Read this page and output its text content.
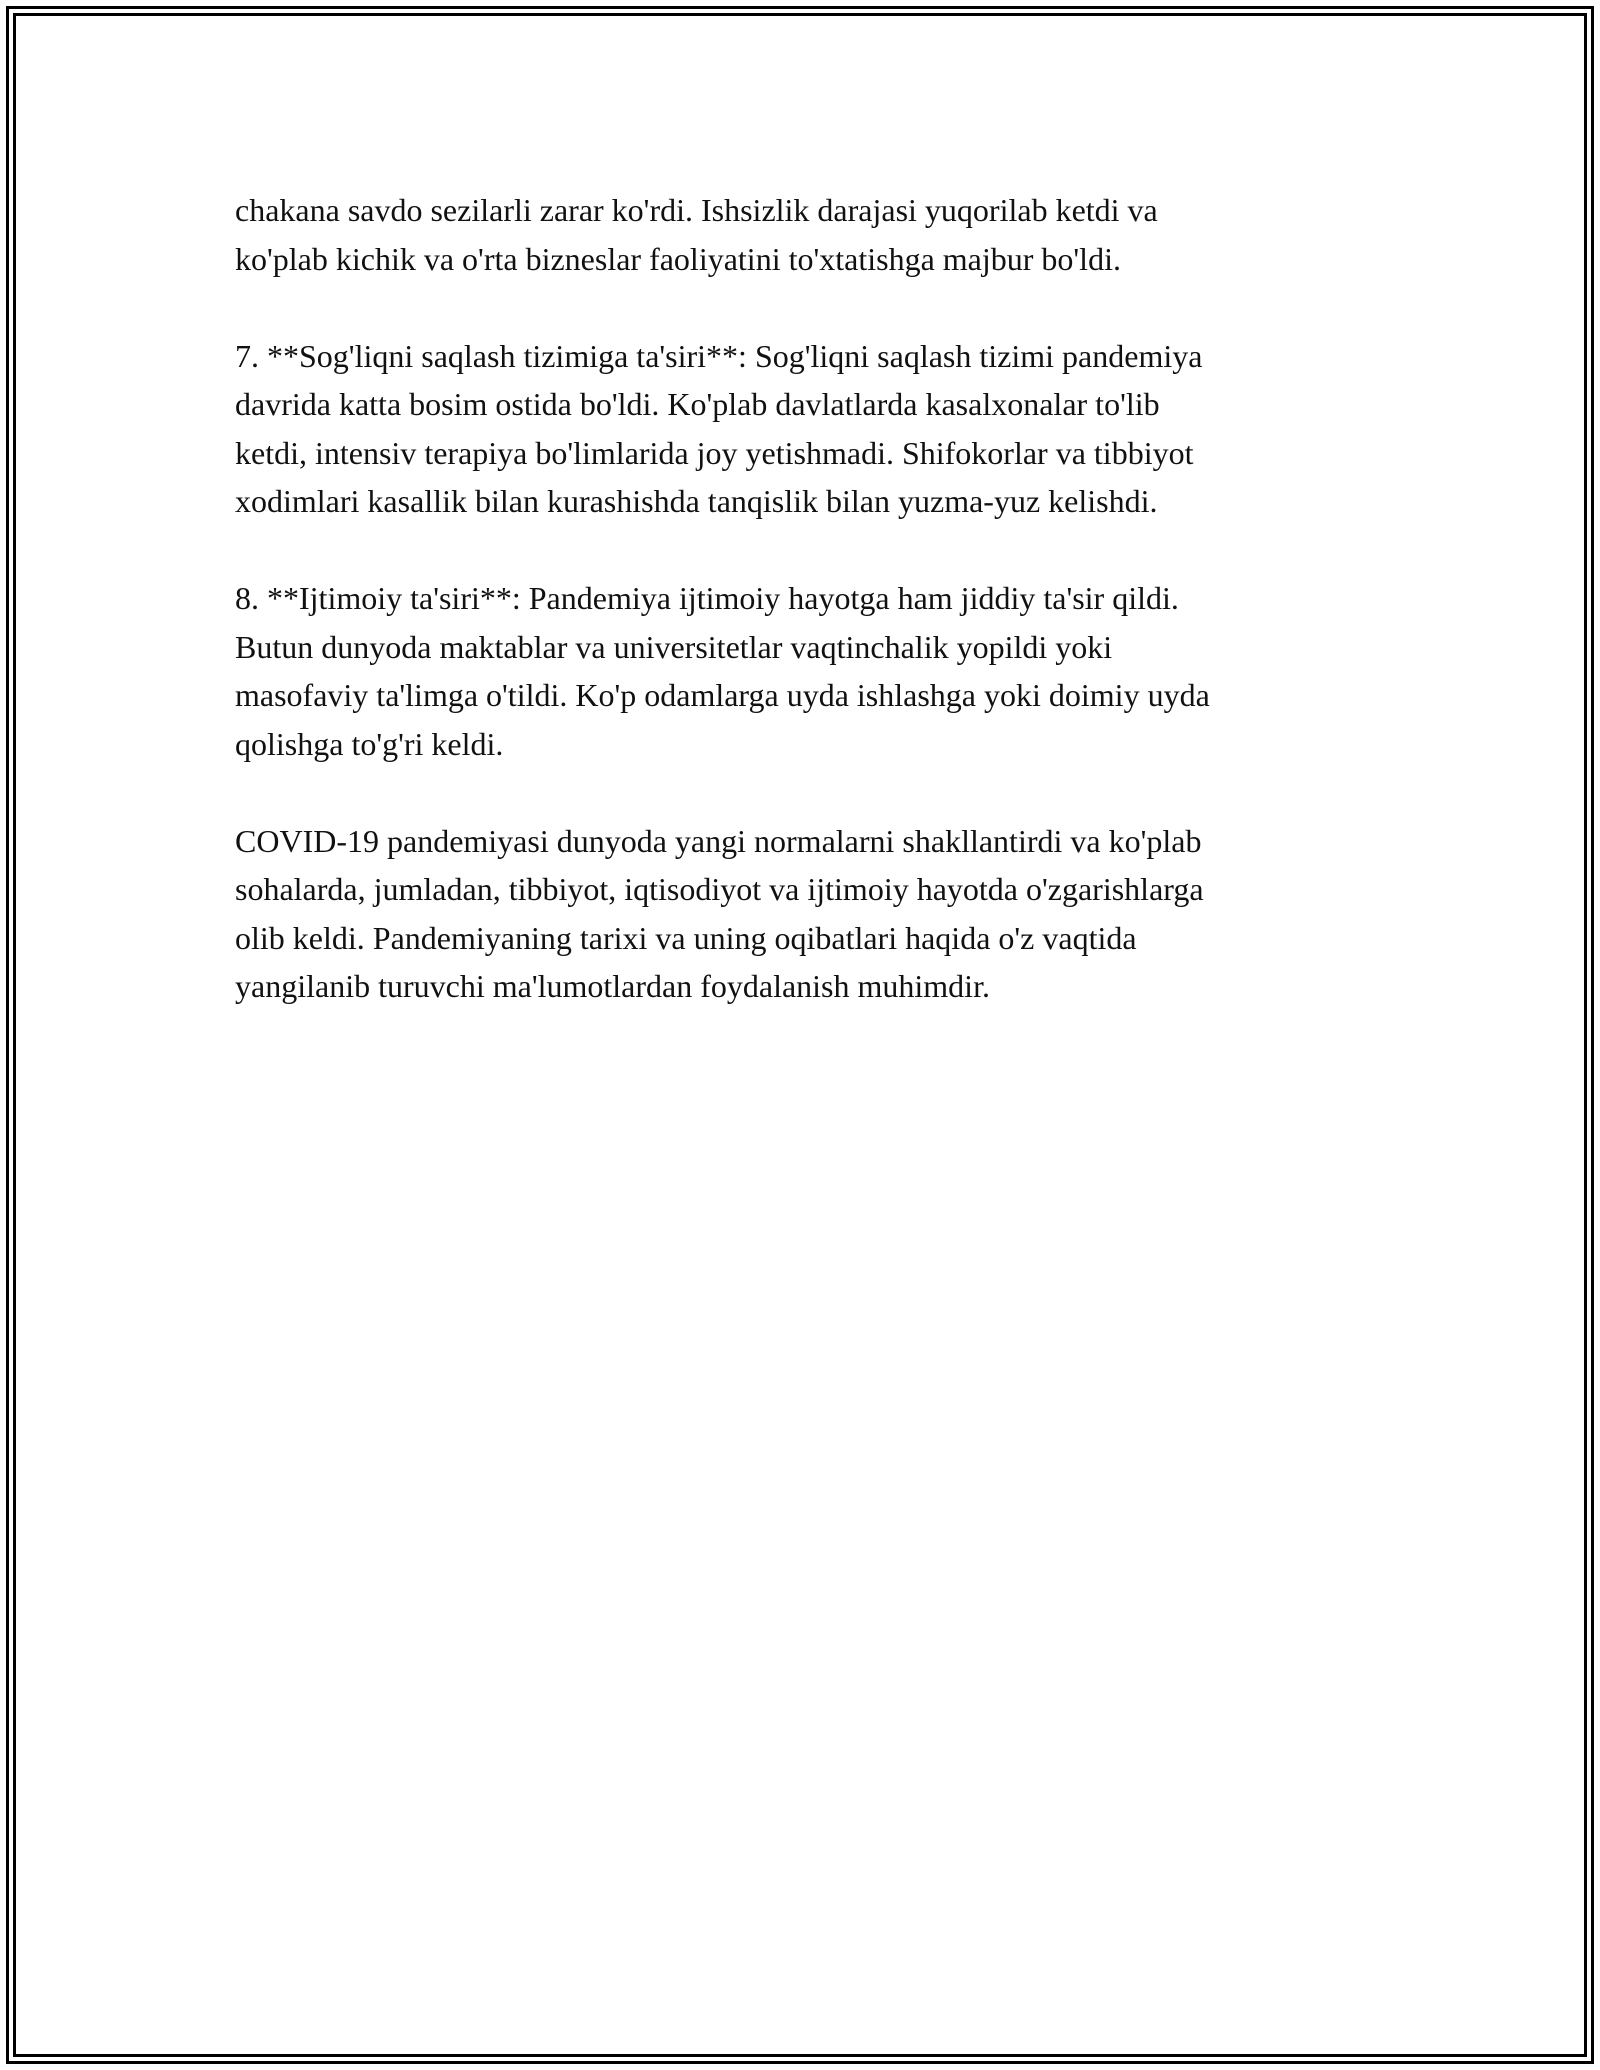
chakana savdo sezilarli zarar ko'rdi. Ishsizlik darajasi yuqorilab ketdi va
ko'plab kichik va o'rta bizneslar faoliyatini to'xtatishga majbur bo'ldi.

7. **Sog'liqni saqlash tizimiga ta'siri**: Sog'liqni saqlash tizimi pandemiya
davrida katta bosim ostida bo'ldi. Ko'plab davlatlarda kasalxonalar to'lib
ketdi, intensiv terapiya bo'limlarida joy yetishmadi. Shifokorlar va tibbiyot
xodimlari kasallik bilan kurashishda tanqislik bilan yuzma-yuz kelishdi.

8. **Ijtimoiy ta'siri**: Pandemiya ijtimoiy hayotga ham jiddiy ta'sir qildi.
Butun dunyoda maktablar va universitetlar vaqtinchalik yopildi yoki
masofaviy ta'limga o'tildi. Ko'p odamlarga uyda ishlashga yoki doimiy uyda
qolishga to'g'ri keldi.

COVID-19 pandemiyasi dunyoda yangi normalarni shakllantirdi va ko'plab
sohalarda, jumladan, tibbiyot, iqtisodiyot va ijtimoiy hayotda o'zgarishlarga
olib keldi. Pandemiyaning tarixi va uning oqibatlari haqida o'z vaqtida
yangilanib turuvchi ma'lumotlardan foydalanish muhimdir.
